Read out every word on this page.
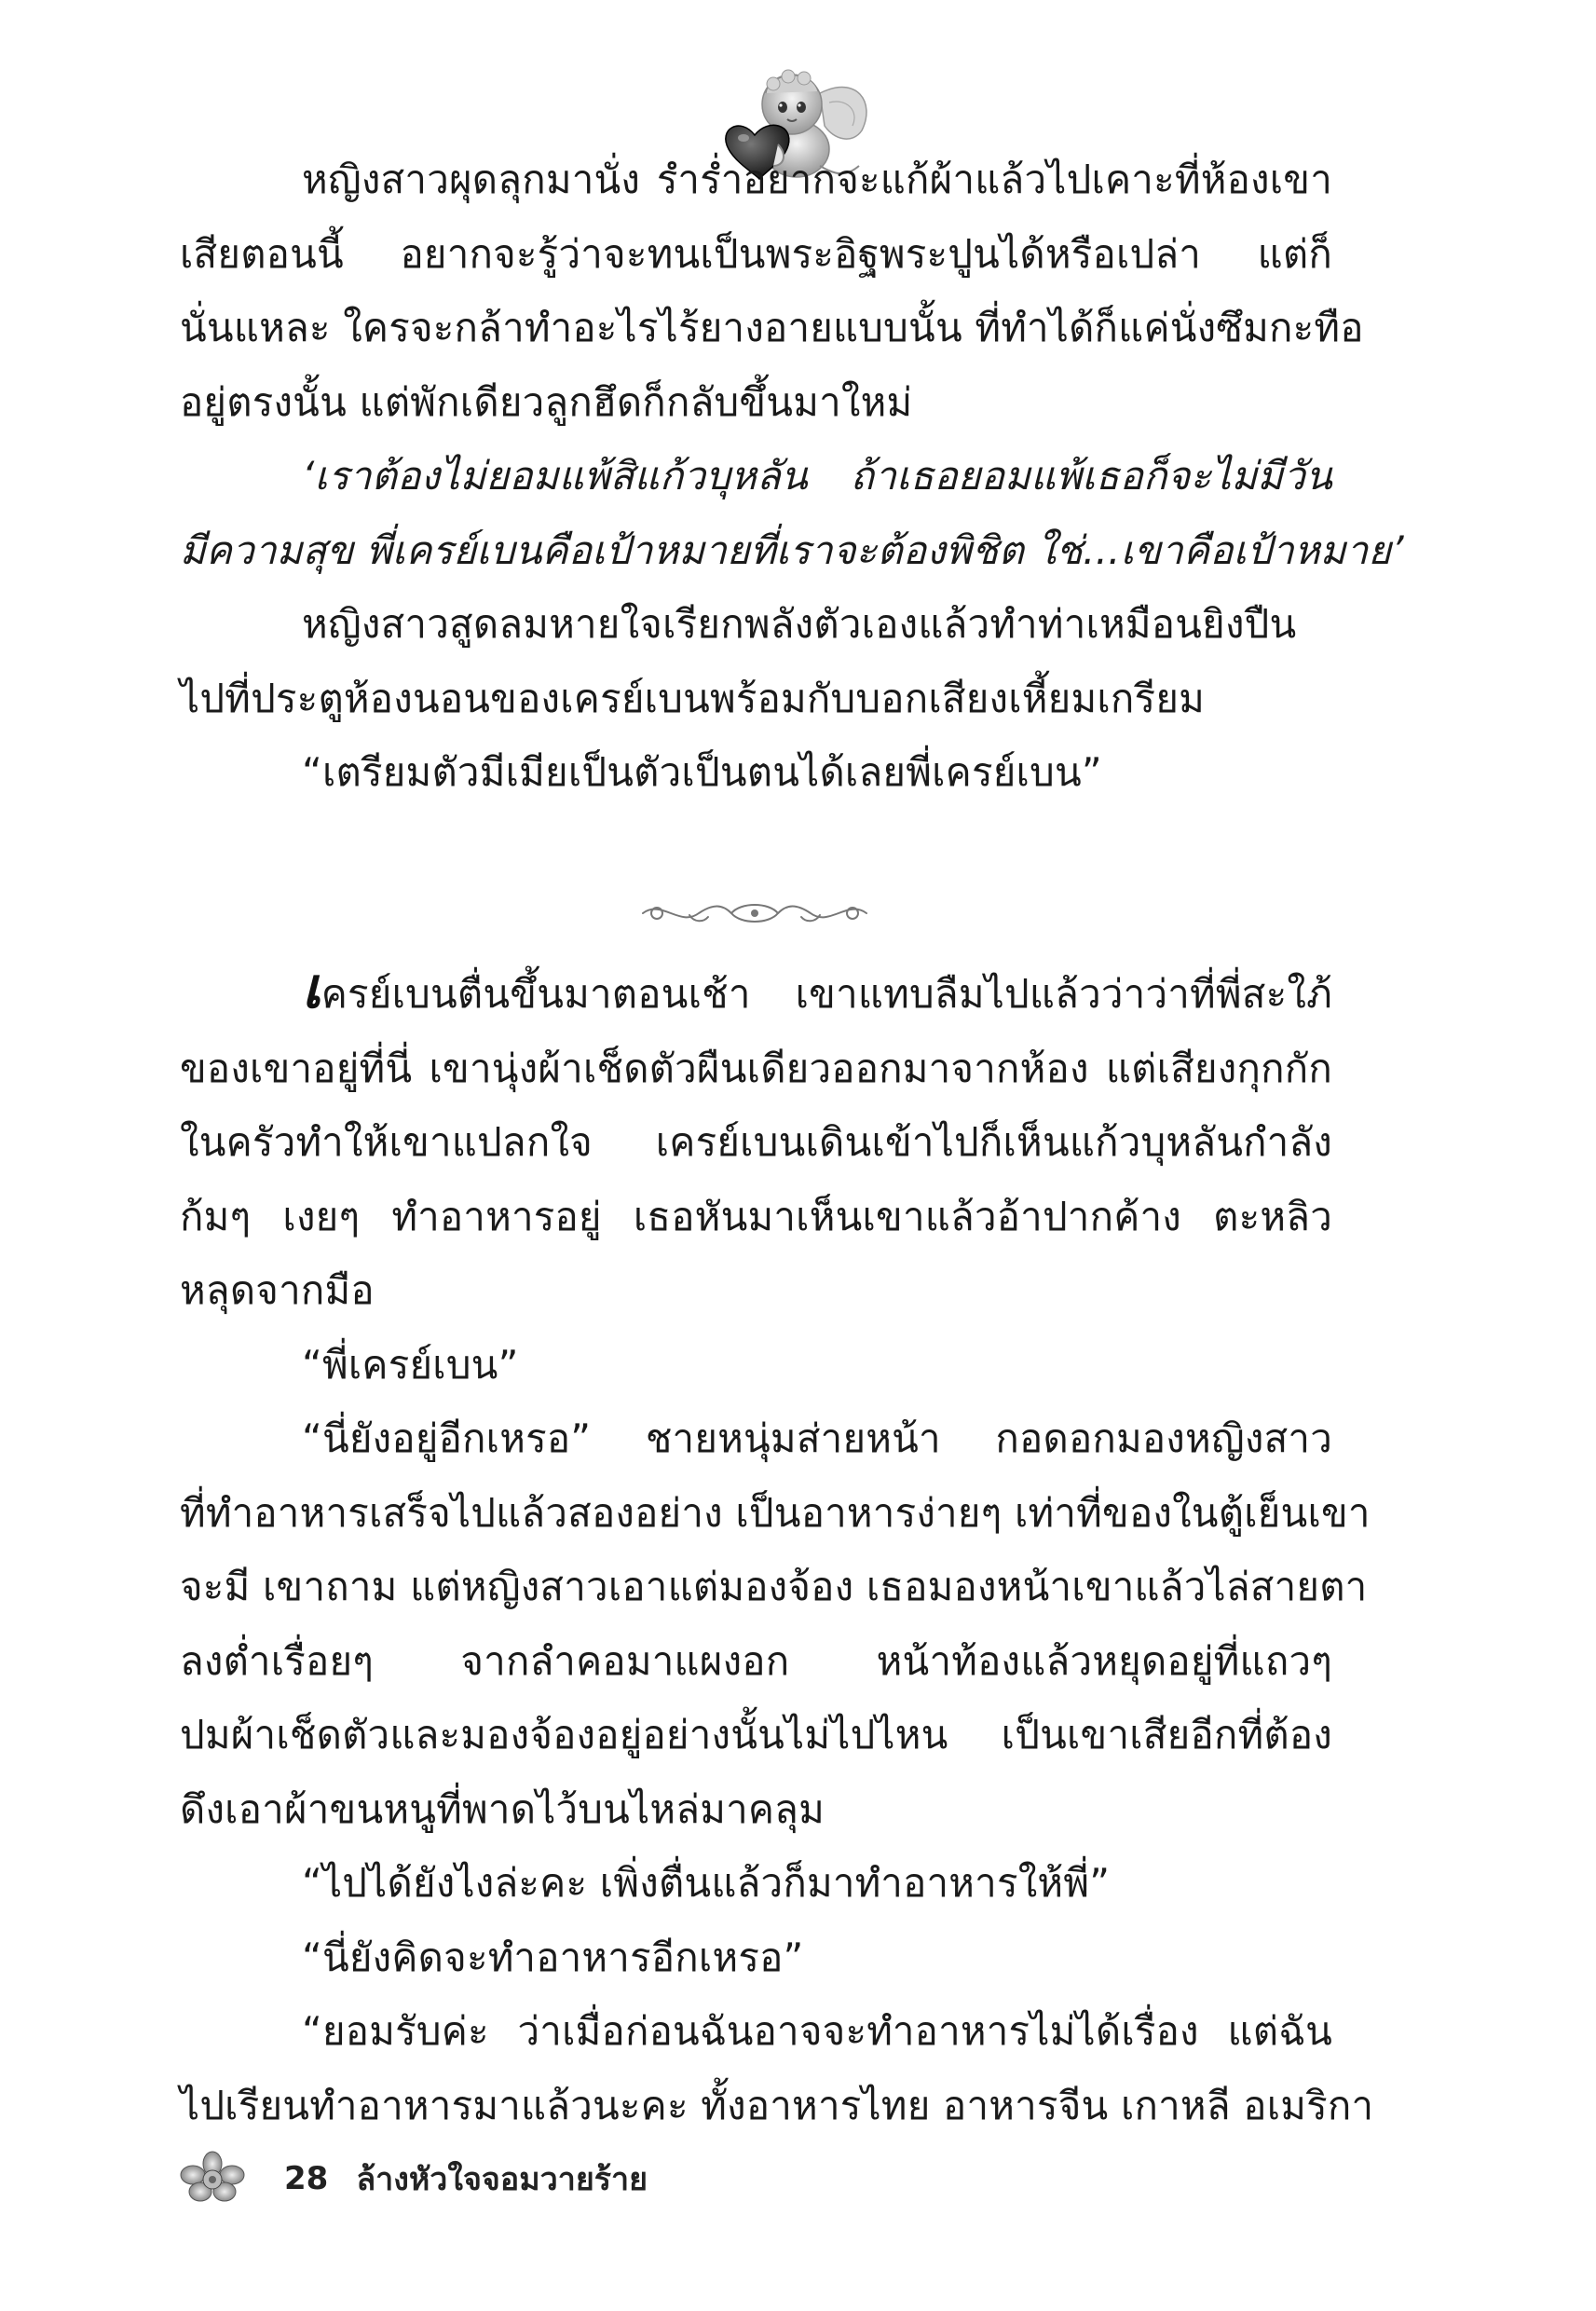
หญิงสาวผุดลุกมานั่ง รำร่ำอยากจะแก้ผ้าแล้วไปเคาะที่ห้องเขา
เสียตอนนี้ อยากจะรู้ว่าจะทนเป็นพระอิฐพระปูนได้หรือเปล่า แต่ก็
นั่นแหละ ใครจะกล้าทำอะไรไร้ยางอายแบบนั้น ที่ทำได้ก็แค่นั่งซึมกะทือ
อยู่ตรงนั้น แต่พักเดียวลูกฮึดก็กลับขึ้นมาใหม่
‘เราต้องไม่ยอมแพ้สิแก้วบุหลัน ถ้าเธอยอมแพ้เธอก็จะไม่มีวัน
มีความสุข พี่เครย์เบนคือเป้าหมายที่เราจะต้องพิชิต ใช่...เขาคือเป้าหมาย’
หญิงสาวสูดลมหายใจเรียกพลังตัวเองแล้วทำท่าเหมือนยิงปืน
ไปที่ประตูห้องนอนของเครย์เบนพร้อมกับบอกเสียงเหี้ยมเกรียม
“เตรียมตัวมีเมียเป็นตัวเป็นตนได้เลยพี่เครย์เบน”
เครย์เบนตื่นขึ้นมาตอนเช้า เขาแทบลืมไปแล้วว่าว่าที่พี่สะใภ้
ของเขาอยู่ที่นี่ เขานุ่งผ้าเช็ดตัวผืนเดียวออกมาจากห้อง แต่เสียงกุกกัก
ในครัวทำให้เขาแปลกใจ เครย์เบนเดินเข้าไปก็เห็นแก้วบุหลันกำลัง
ก้มๆ เงยๆ ทำอาหารอยู่ เธอหันมาเห็นเขาแล้วอ้าปากค้าง ตะหลิว
หลุดจากมือ
“พี่เครย์เบน”
“นี่ยังอยู่อีกเหรอ” ชายหนุ่มส่ายหน้า กอดอกมองหญิงสาว
ที่ทำอาหารเสร็จไปแล้วสองอย่าง เป็นอาหารง่ายๆ เท่าที่ของในตู้เย็นเขา
จะมี เขาถาม แต่หญิงสาวเอาแต่มองจ้อง เธอมองหน้าเขาแล้วไล่สายตา
ลงต่ำเรื่อยๆ จากลำคอมาแผงอก หน้าท้องแล้วหยุดอยู่ที่แถวๆ
ปมผ้าเช็ดตัวและมองจ้องอยู่อย่างนั้นไม่ไปไหน เป็นเขาเสียอีกที่ต้อง
ดึงเอาผ้าขนหนูที่พาดไว้บนไหล่มาคลุม
“ไปได้ยังไงล่ะคะ เพิ่งตื่นแล้วก็มาทำอาหารให้พี่”
“นี่ยังคิดจะทำอาหารอีกเหรอ”
“ยอมรับค่ะ ว่าเมื่อก่อนฉันอาจจะทำอาหารไม่ได้เรื่อง แต่ฉัน
ไปเรียนทำอาหารมาแล้วนะคะ ทั้งอาหารไทย อาหารจีน เกาหลี อเมริกา
28 ล้างหัวใจจอมวายร้าย
